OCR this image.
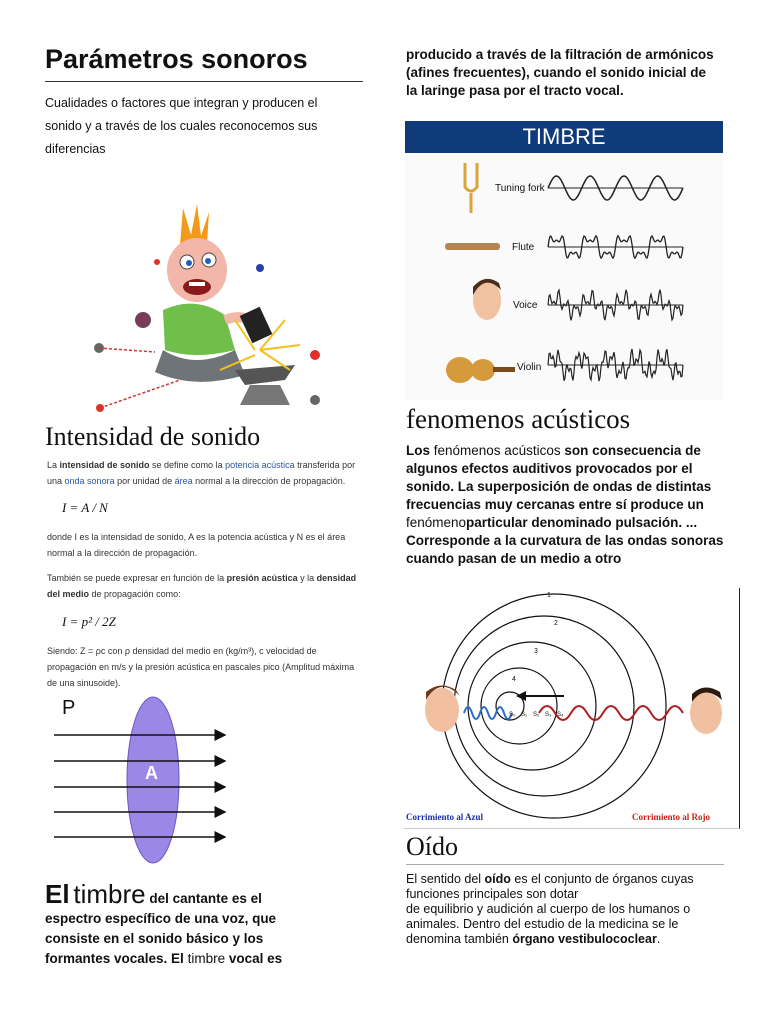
Parámetros sonoros
Cualidades o factores que integran y producen el sonido y a través de los cuales reconocemos sus diferencias
Intensidad de sonido
La intensidad de sonido se define como la potencia acústica transferida por una onda sonora por unidad de área normal a la dirección de propagación.
I = A / N
donde I es la intensidad de sonido, A es la potencia acústica y N es el área normal a la dirección de propagación.
También se puede expresar en función de la presión acústica y la densidad del medio de propagación como:
I = p² / 2Z
Siendo: Z = ρc con ρ densidad del medio en (kg/m³), c velocidad de propagación en m/s y la presión acústica en pascales pico (Amplitud máxima de una sinusoide).
P
A
El timbre del cantante es el
espectro específico de una voz, que
consiste en el sonido básico y los
formantes vocales. El timbre vocal es
producido a través de la filtración de armónicos (afines frecuentes), cuando el sonido inicial de la laringe pasa por el tracto vocal.
TIMBRE
Tuning fork
Flute
Voice
Violin
fenomenos acústicos
Los fenómenos acústicos son consecuencia de algunos efectos auditivos provocados por el sonido. La superposición de ondas de distintas frecuencias muy cercanas entre sí produce un fenómenoparticular denominado pulsación. ... Corresponde a la curvatura de las ondas sonoras cuando pasan de un medio a otro
1
2
3
4
S₀ S₁ S₂ S₃ S₄
Corrimiento al Azul	Corrimiento al Rojo
Oído
El sentido del oído es el conjunto de órganos cuyas funciones principales son dotar
de equilibrio y audición al cuerpo de los humanos o animales. Dentro del estudio de la medicina se le denomina también órgano vestibulococlear.
